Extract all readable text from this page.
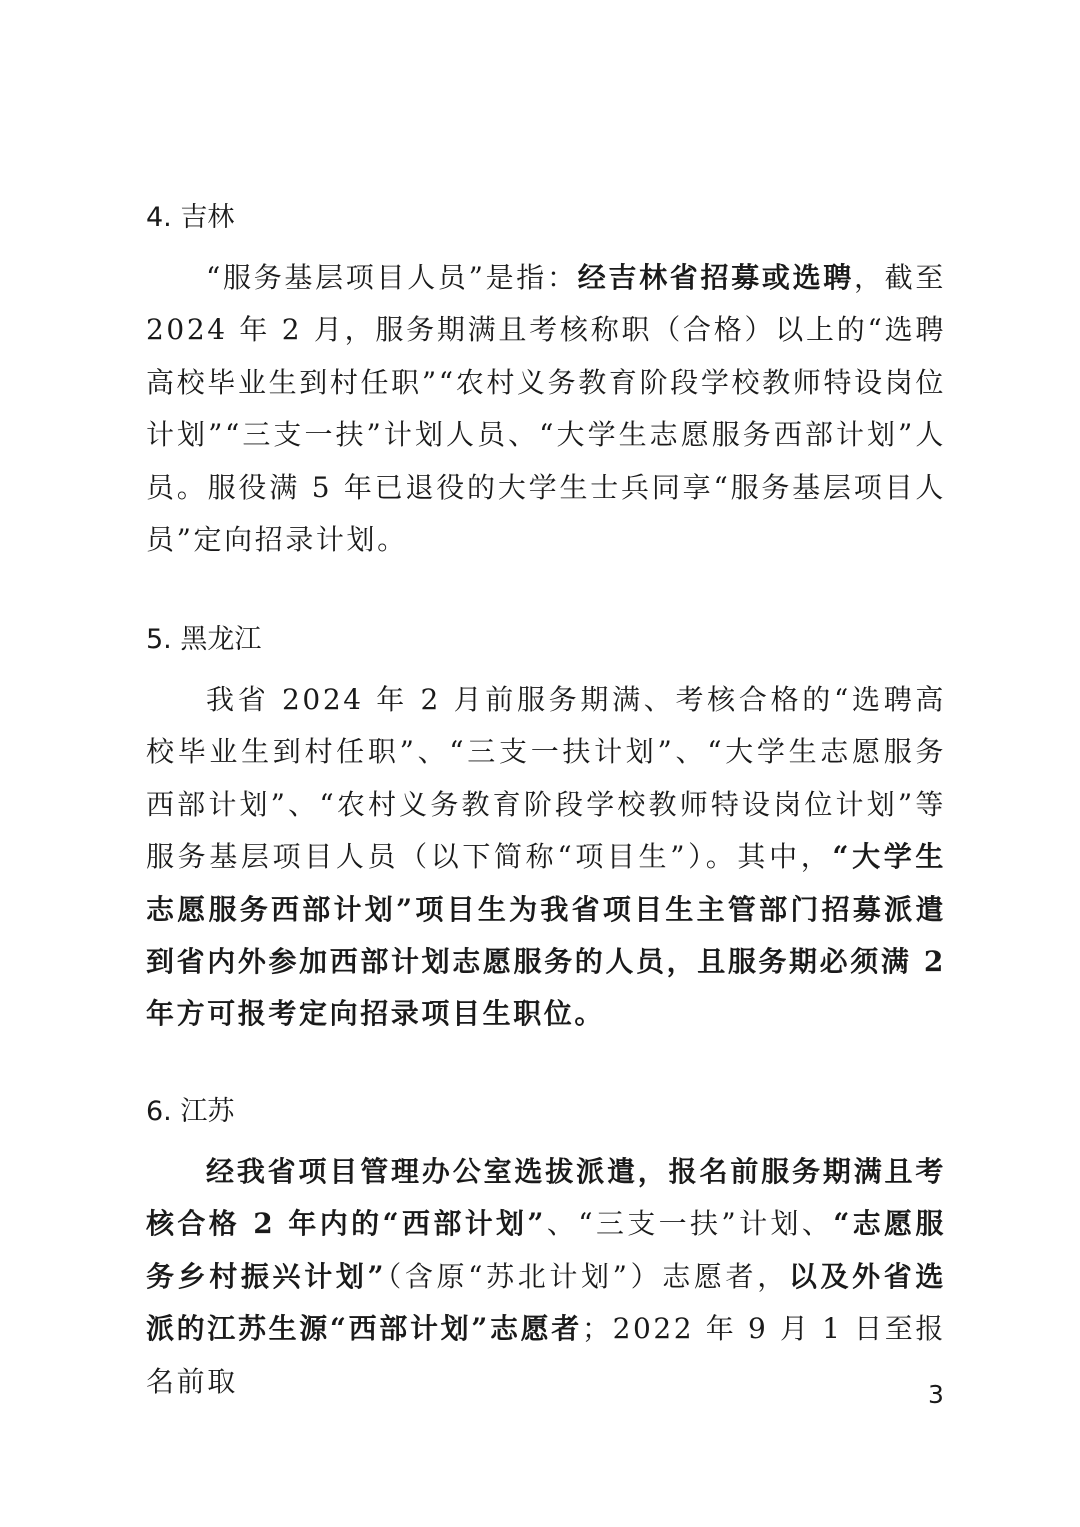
4. 吉林

“服务基层项目人员”是指：经吉林省招募或选聘，截至2024 年 2 月，服务期满且考核称职（合格）以上的“选聘高校毕业生到村任职”“农村义务教育阶段学校教师特设岗位计划”“三支一扶”计划人员、“大学生志愿服务西部计划”人员。服役满 5 年已退役的大学生士兵同享“服务基层项目人员”定向招录计划。

5. 黑龙江

我省 2024 年 2 月前服务期满、考核合格的“选聘高校毕业生到村任职”、“三支一扶计划”、“大学生志愿服务西部计划”、“农村义务教育阶段学校教师特设岗位计划”等服务基层项目人员（以下简称“项目生”）。其中，“大学生志愿服务西部计划”项目生为我省项目生主管部门招募派遣到省内外参加西部计划志愿服务的人员，且服务期必须满 2 年方可报考定向招录项目生职位。

6. 江苏

经我省项目管理办公室选拔派遣，报名前服务期满且考核合格 2 年内的“西部计划”、“三支一扶”计划、“志愿服务乡村振兴计划”（含原“苏北计划”）志愿者，以及外省选派的江苏生源“西部计划”志愿者；2022 年 9 月 1 日至报名前取	3
